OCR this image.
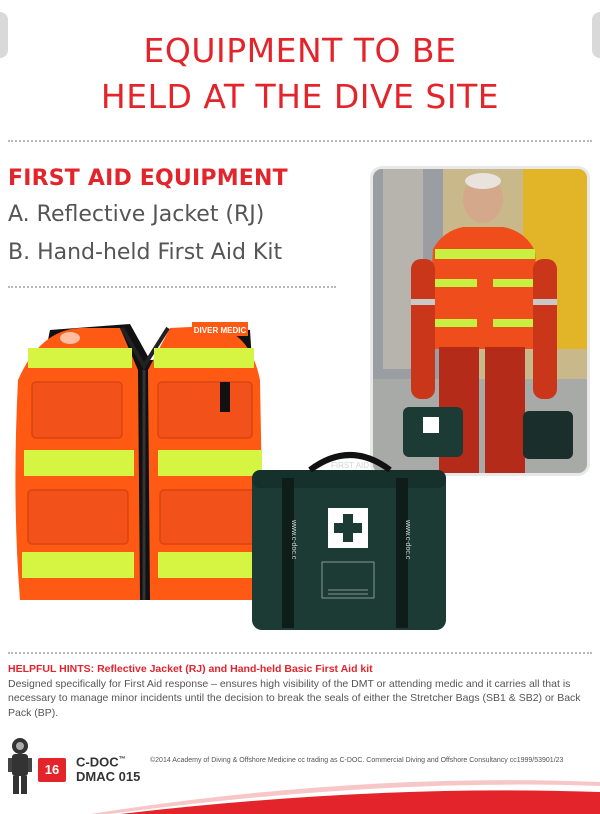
EQUIPMENT TO BE
HELD AT THE DIVE SITE
FIRST AID EQUIPMENT
A. Reflective Jacket (RJ)
B. Hand-held First Aid Kit
DIVER MEDIC
FIRST AID
www.c-doc.c	www.c-doc.c
HELPFUL HINTS: Reflective Jacket (RJ) and Hand-held Basic First Aid kit
Designed specifically for First Aid response – ensures high visibility of the DMT or attending medic and it carries all that is necessary to manage minor incidents until the decision to break the seals of either the Stretcher Bags (SB1 & SB2) or Back Pack (BP).
16
C-DOC™
DMAC 015
©2014 Academy of Diving & Offshore Medicine cc trading as C-DOC. Commercial Diving and Offshore Consultancy cc1999/53901/23
